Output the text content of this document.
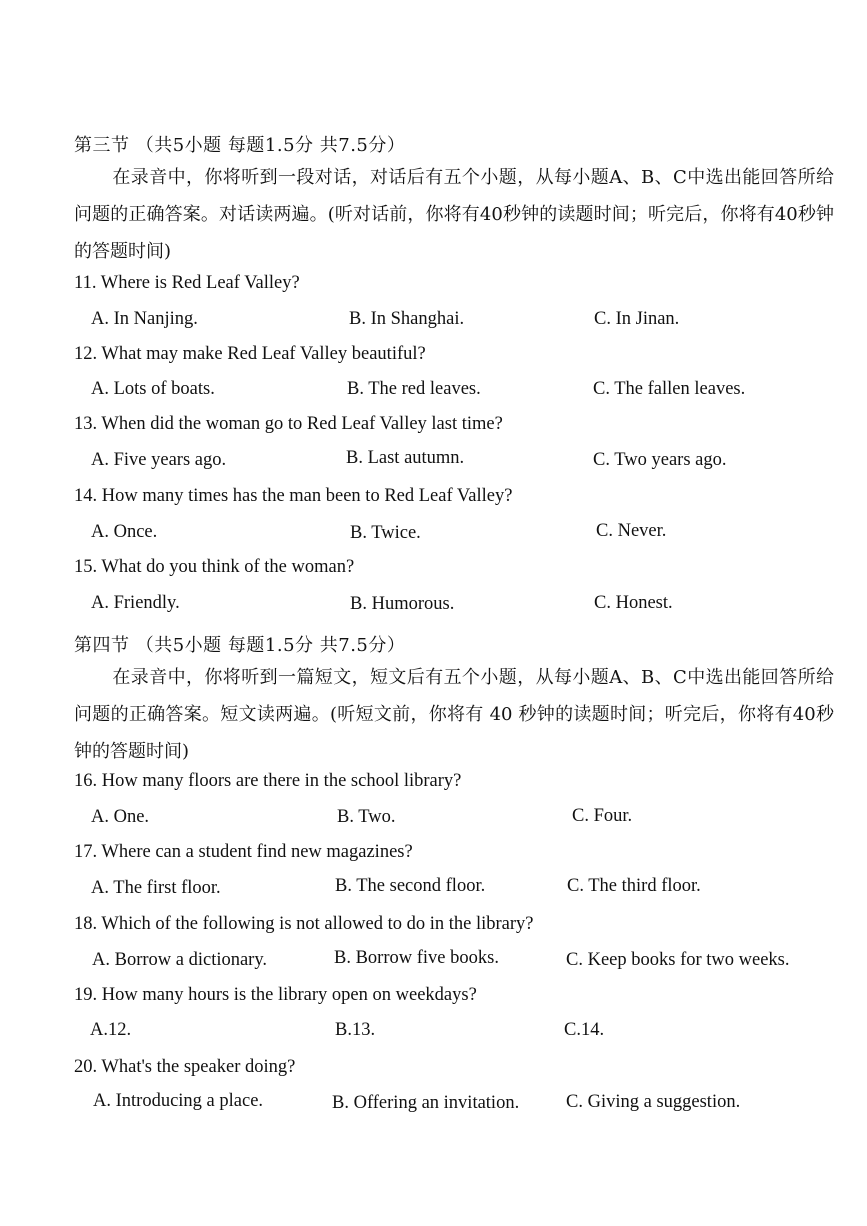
第三节 （共5小题 每题1.5分 共7.5分）
在录音中，你将听到一段对话，对话后有五个小题，从每小题A、B、C中选出能回答所给问题的正确答案。对话读两遍。(听对话前，你将有40秒钟的读题时间；听完后，你将有40秒钟的答题时间)
11. Where is Red Leaf Valley?
A. In Nanjing.	B. In Shanghai.	C. In Jinan.
12. What may make Red Leaf Valley beautiful?
A. Lots of boats.	B. The red leaves.	C. The fallen leaves.
13. When did the woman go to Red Leaf Valley last time?
A. Five years ago.	B. Last autumn.	C. Two years ago.
14. How many times has the man been to Red Leaf Valley?
A. Once.	B. Twice.	C. Never.
15. What do you think of the woman?
A. Friendly.	B. Humorous.	C. Honest.
第四节 （共5小题 每题1.5分 共7.5分）
在录音中，你将听到一篇短文，短文后有五个小题，从每小题A、B、C中选出能回答所给问题的正确答案。短文读两遍。(听短文前，你将有 40 秒钟的读题时间；听完后，你将有40秒钟的答题时间)
16. How many floors are there in the school library?
A. One.	B. Two.	C. Four.
17. Where can a student find new magazines?
A. The first floor.	B. The second floor.	C. The third floor.
18. Which of the following is not allowed to do in the library?
A. Borrow a dictionary.	B. Borrow five books.	C. Keep books for two weeks.
19. How many hours is the library open on weekdays?
A.12.	B.13.	C.14.
20. What's the speaker doing?
A. Introducing a place.	B. Offering an invitation.	C. Giving a suggestion.
